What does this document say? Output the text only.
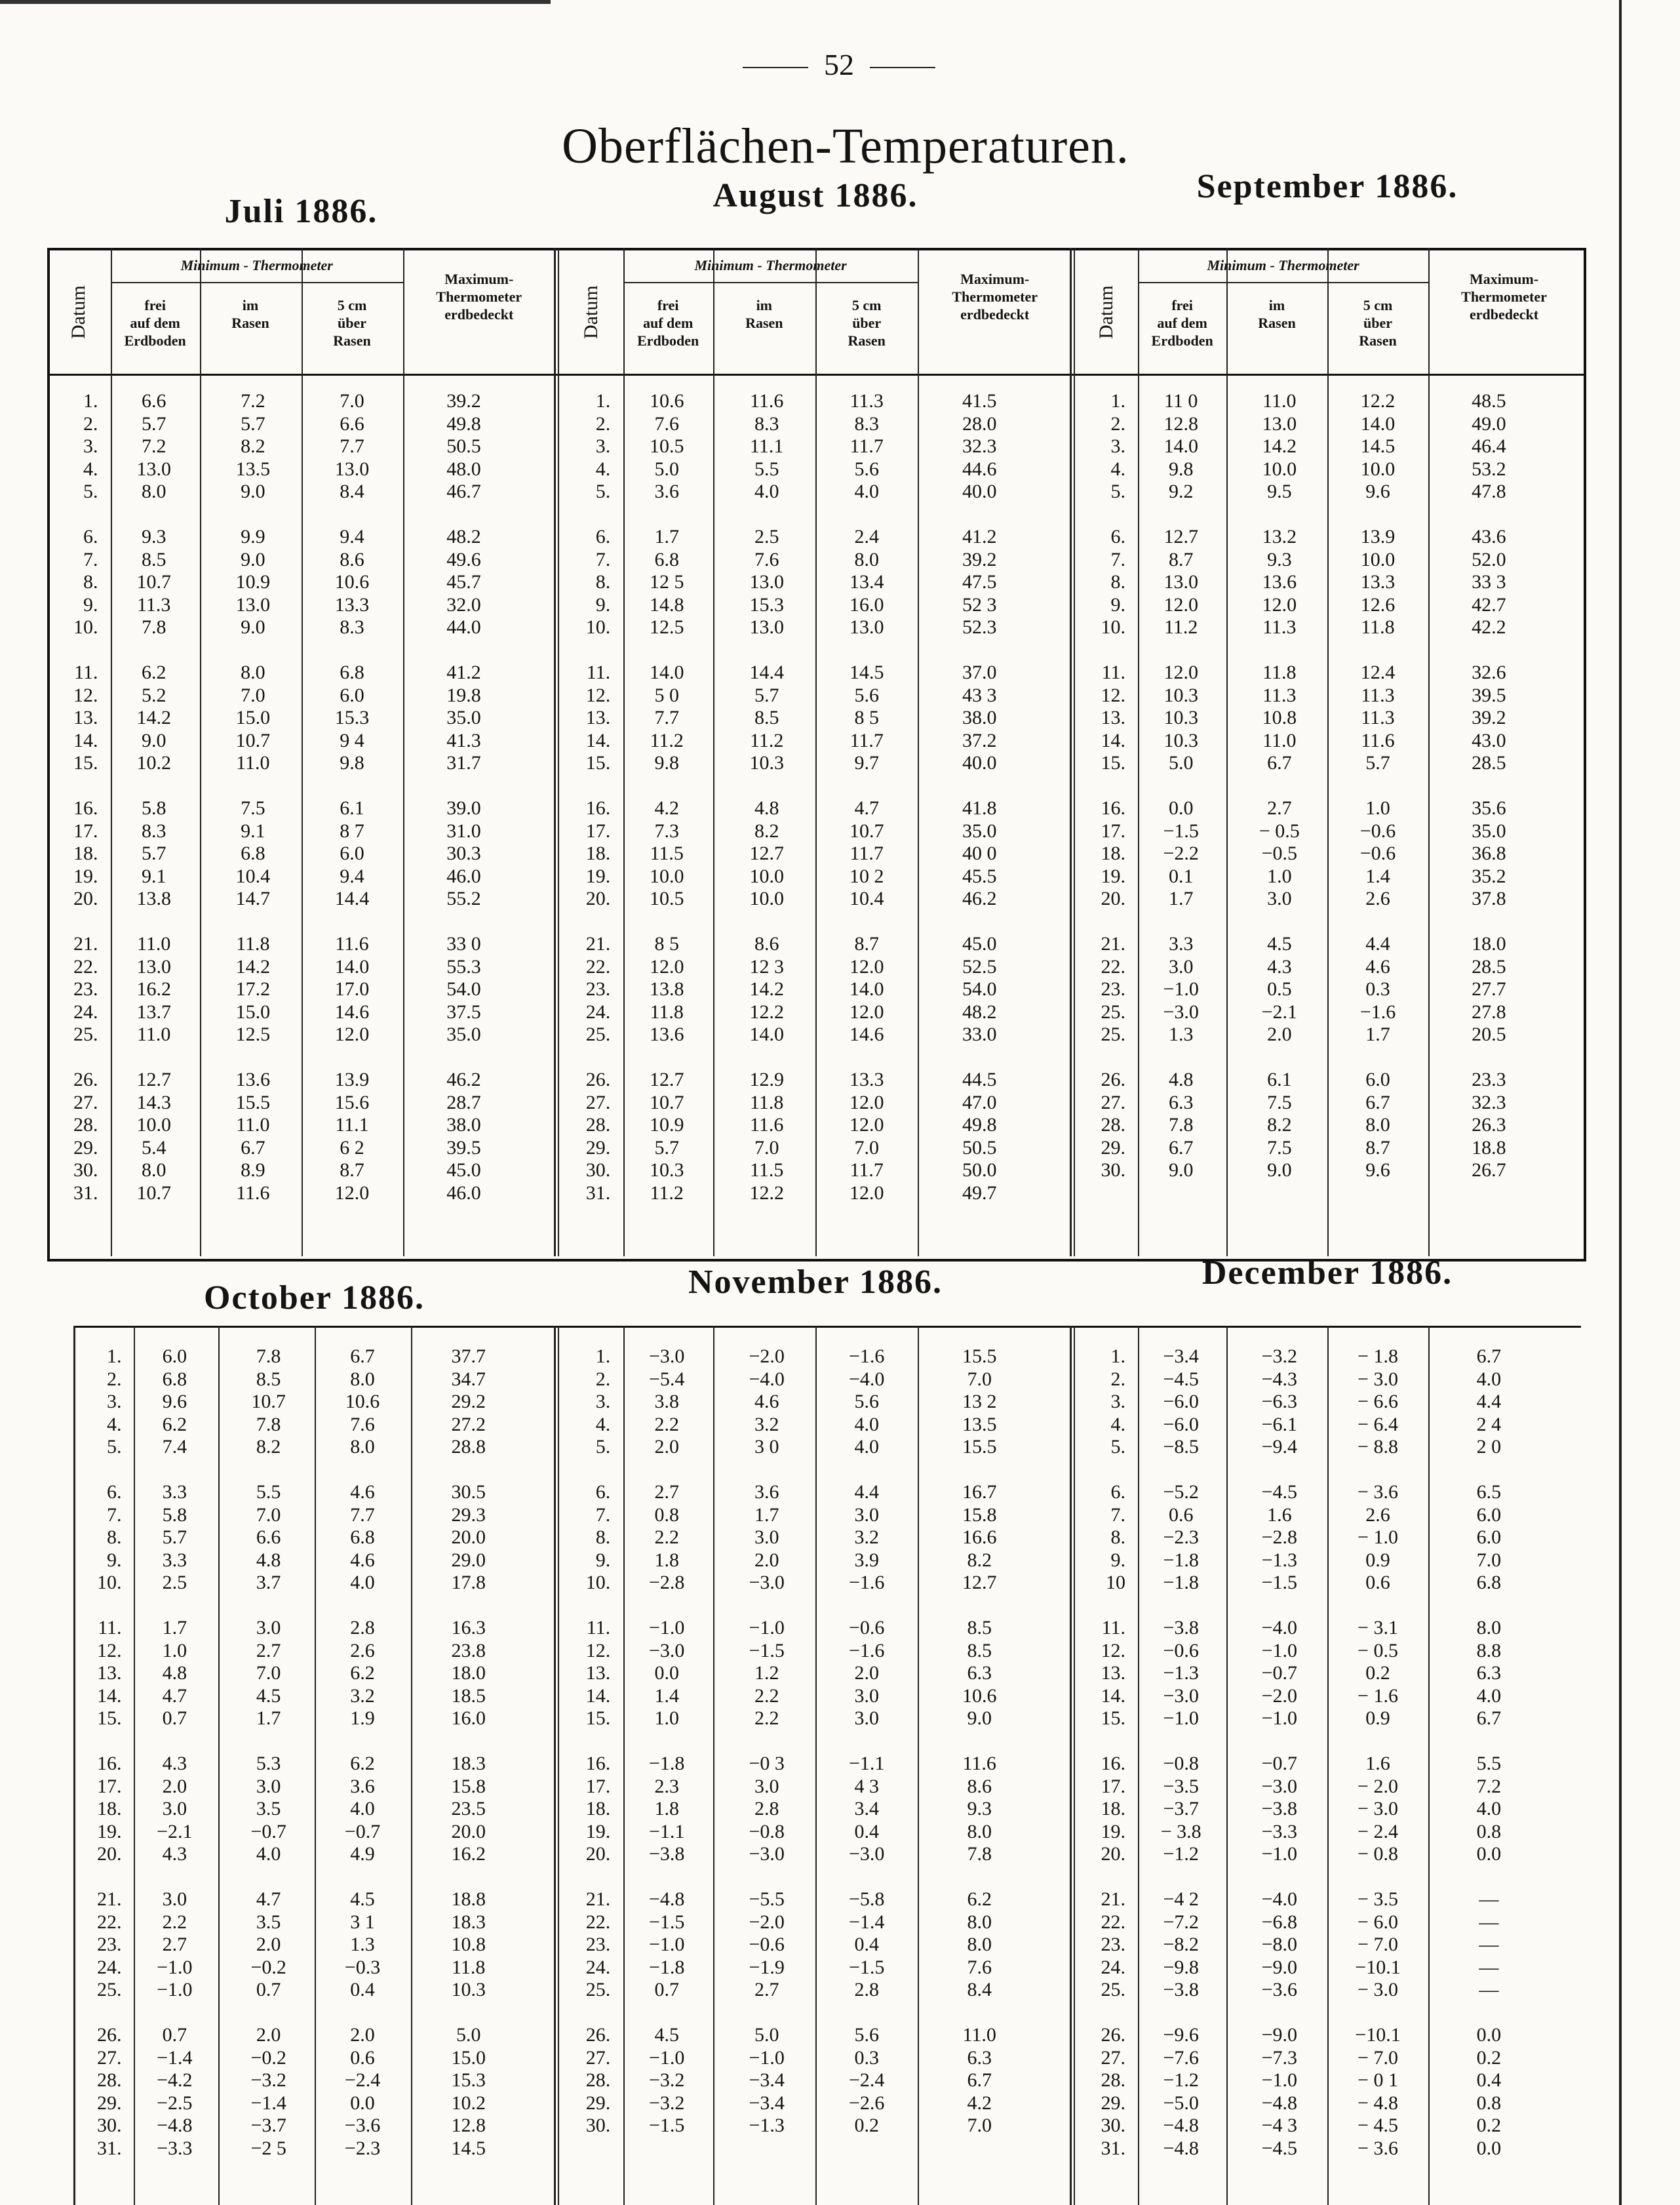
52
Oberflächen-Temperaturen.
Juli 1886.
Datum
Minimum - Thermometer
frei
auf dem
Erdboden
im
Rasen
5 cm
über
Rasen
Maximum-
Thermometer
erdbedeckt
1.
2.
3.
4.
5.
6.6
5.7
7.2
13.0
8.0
7.2
5.7
8.2
13.5
9.0
7.0
6.6
7.7
13.0
8.4
39.2
49.8
50.5
48.0
46.7
6.
7.
8.
9.
10.
9.3
8.5
10.7
11.3
7.8
9.9
9.0
10.9
13.0
9.0
9.4
8.6
10.6
13.3
8.3
48.2
49.6
45.7
32.0
44.0
11.
12.
13.
14.
15.
6.2
5.2
14.2
9.0
10.2
8.0
7.0
15.0
10.7
11.0
6.8
6.0
15.3
9 4
9.8
41.2
19.8
35.0
41.3
31.7
16.
17.
18.
19.
20.
5.8
8.3
5.7
9.1
13.8
7.5
9.1
6.8
10.4
14.7
6.1
8 7
6.0
9.4
14.4
39.0
31.0
30.3
46.0
55.2
21.
22.
23.
24.
25.
11.0
13.0
16.2
13.7
11.0
11.8
14.2
17.2
15.0
12.5
11.6
14.0
17.0
14.6
12.0
33 0
55.3
54.0
37.5
35.0
26.
27.
28.
29.
30.
31.
12.7
14.3
10.0
5.4
8.0
10.7
13.6
15.5
11.0
6.7
8.9
11.6
13.9
15.6
11.1
6 2
8.7
12.0
46.2
28.7
38.0
39.5
45.0
46.0
August 1886.
Datum
Minimum - Thermometer
frei
auf dem
Erdboden
im
Rasen
5 cm
über
Rasen
Maximum-
Thermometer
erdbedeckt
1.
2.
3.
4.
5.
10.6
7.6
10.5
5.0
3.6
11.6
8.3
11.1
5.5
4.0
11.3
8.3
11.7
5.6
4.0
41.5
28.0
32.3
44.6
40.0
6.
7.
8.
9.
10.
1.7
6.8
12 5
14.8
12.5
2.5
7.6
13.0
15.3
13.0
2.4
8.0
13.4
16.0
13.0
41.2
39.2
47.5
52 3
52.3
11.
12.
13.
14.
15.
14.0
5 0
7.7
11.2
9.8
14.4
5.7
8.5
11.2
10.3
14.5
5.6
8 5
11.7
9.7
37.0
43 3
38.0
37.2
40.0
16.
17.
18.
19.
20.
4.2
7.3
11.5
10.0
10.5
4.8
8.2
12.7
10.0
10.0
4.7
10.7
11.7
10 2
10.4
41.8
35.0
40 0
45.5
46.2
21.
22.
23.
24.
25.
8 5
12.0
13.8
11.8
13.6
8.6
12 3
14.2
12.2
14.0
8.7
12.0
14.0
12.0
14.6
45.0
52.5
54.0
48.2
33.0
26.
27.
28.
29.
30.
31.
12.7
10.7
10.9
5.7
10.3
11.2
12.9
11.8
11.6
7.0
11.5
12.2
13.3
12.0
12.0
7.0
11.7
12.0
44.5
47.0
49.8
50.5
50.0
49.7
September 1886.
Datum
Minimum - Thermometer
frei
auf dem
Erdboden
im
Rasen
5 cm
über
Rasen
Maximum-
Thermometer
erdbedeckt
1.
2.
3.
4.
5.
11 0
12.8
14.0
9.8
9.2
11.0
13.0
14.2
10.0
9.5
12.2
14.0
14.5
10.0
9.6
48.5
49.0
46.4
53.2
47.8
6.
7.
8.
9.
10.
12.7
8.7
13.0
12.0
11.2
13.2
9.3
13.6
12.0
11.3
13.9
10.0
13.3
12.6
11.8
43.6
52.0
33 3
42.7
42.2
11.
12.
13.
14.
15.
12.0
10.3
10.3
10.3
5.0
11.8
11.3
10.8
11.0
6.7
12.4
11.3
11.3
11.6
5.7
32.6
39.5
39.2
43.0
28.5
16.
17.
18.
19.
20.
0.0
−1.5
−2.2
0.1
1.7
2.7
− 0.5
−0.5
1.0
3.0
1.0
−0.6
−0.6
1.4
2.6
35.6
35.0
36.8
35.2
37.8
21.
22.
23.
25.
25.
3.3
3.0
−1.0
−3.0
1.3
4.5
4.3
0.5
−2.1
2.0
4.4
4.6
0.3
−1.6
1.7
18.0
28.5
27.7
27.8
20.5
26.
27.
28.
29.
30.
4.8
6.3
7.8
6.7
9.0
6.1
7.5
8.2
7.5
9.0
6.0
6.7
8.0
8.7
9.6
23.3
32.3
26.3
18.8
26.7
October 1886.
1.
2.
3.
4.
5.
6.0
6.8
9.6
6.2
7.4
7.8
8.5
10.7
7.8
8.2
6.7
8.0
10.6
7.6
8.0
37.7
34.7
29.2
27.2
28.8
6.
7.
8.
9.
10.
3.3
5.8
5.7
3.3
2.5
5.5
7.0
6.6
4.8
3.7
4.6
7.7
6.8
4.6
4.0
30.5
29.3
20.0
29.0
17.8
11.
12.
13.
14.
15.
1.7
1.0
4.8
4.7
0.7
3.0
2.7
7.0
4.5
1.7
2.8
2.6
6.2
3.2
1.9
16.3
23.8
18.0
18.5
16.0
16.
17.
18.
19.
20.
4.3
2.0
3.0
−2.1
4.3
5.3
3.0
3.5
−0.7
4.0
6.2
3.6
4.0
−0.7
4.9
18.3
15.8
23.5
20.0
16.2
21.
22.
23.
24.
25.
3.0
2.2
2.7
−1.0
−1.0
4.7
3.5
2.0
−0.2
0.7
4.5
3 1
1.3
−0.3
0.4
18.8
18.3
10.8
11.8
10.3
26.
27.
28.
29.
30.
31.
0.7
−1.4
−4.2
−2.5
−4.8
−3.3
2.0
−0.2
−3.2
−1.4
−3.7
−2 5
2.0
0.6
−2.4
0.0
−3.6
−2.3
5.0
15.0
15.3
10.2
12.8
14.5
November 1886.
1.
2.
3.
4.
5.
−3.0
−5.4
3.8
2.2
2.0
−2.0
−4.0
4.6
3.2
3 0
−1.6
−4.0
5.6
4.0
4.0
15.5
7.0
13 2
13.5
15.5
6.
7.
8.
9.
10.
2.7
0.8
2.2
1.8
−2.8
3.6
1.7
3.0
2.0
−3.0
4.4
3.0
3.2
3.9
−1.6
16.7
15.8
16.6
8.2
12.7
11.
12.
13.
14.
15.
−1.0
−3.0
0.0
1.4
1.0
−1.0
−1.5
1.2
2.2
2.2
−0.6
−1.6
2.0
3.0
3.0
8.5
8.5
6.3
10.6
9.0
16.
17.
18.
19.
20.
−1.8
2.3
1.8
−1.1
−3.8
−0 3
3.0
2.8
−0.8
−3.0
−1.1
4 3
3.4
0.4
−3.0
11.6
8.6
9.3
8.0
7.8
21.
22.
23.
24.
25.
−4.8
−1.5
−1.0
−1.8
0.7
−5.5
−2.0
−0.6
−1.9
2.7
−5.8
−1.4
0.4
−1.5
2.8
6.2
8.0
8.0
7.6
8.4
26.
27.
28.
29.
30.
4.5
−1.0
−3.2
−3.2
−1.5
5.0
−1.0
−3.4
−3.4
−1.3
5.6
0.3
−2.4
−2.6
0.2
11.0
6.3
6.7
4.2
7.0
December 1886.
1.
2.
3.
4.
5.
−3.4
−4.5
−6.0
−6.0
−8.5
−3.2
−4.3
−6.3
−6.1
−9.4
− 1.8
− 3.0
− 6.6
− 6.4
− 8.8
6.7
4.0
4.4
2 4
2 0
6.
7.
8.
9.
10
−5.2
0.6
−2.3
−1.8
−1.8
−4.5
1.6
−2.8
−1.3
−1.5
− 3.6
2.6
− 1.0
0.9
0.6
6.5
6.0
6.0
7.0
6.8
11.
12.
13.
14.
15.
−3.8
−0.6
−1.3
−3.0
−1.0
−4.0
−1.0
−0.7
−2.0
−1.0
− 3.1
− 0.5
0.2
− 1.6
0.9
8.0
8.8
6.3
4.0
6.7
16.
17.
18.
19.
20.
−0.8
−3.5
−3.7
− 3.8
−1.2
−0.7
−3.0
−3.8
−3.3
−1.0
1.6
− 2.0
− 3.0
− 2.4
− 0.8
5.5
7.2
4.0
0.8
0.0
21.
22.
23.
24.
25.
−4 2
−7.2
−8.2
−9.8
−3.8
−4.0
−6.8
−8.0
−9.0
−3.6
− 3.5
− 6.0
− 7.0
−10.1
− 3.0
—
—
—
—
—
26.
27.
28.
29.
30.
31.
−9.6
−7.6
−1.2
−5.0
−4.8
−4.8
−9.0
−7.3
−1.0
−4.8
−4 3
−4.5
−10.1
− 7.0
− 0 1
− 4.8
− 4.5
− 3.6
0.0
0.2
0.4
0.8
0.2
0.0
